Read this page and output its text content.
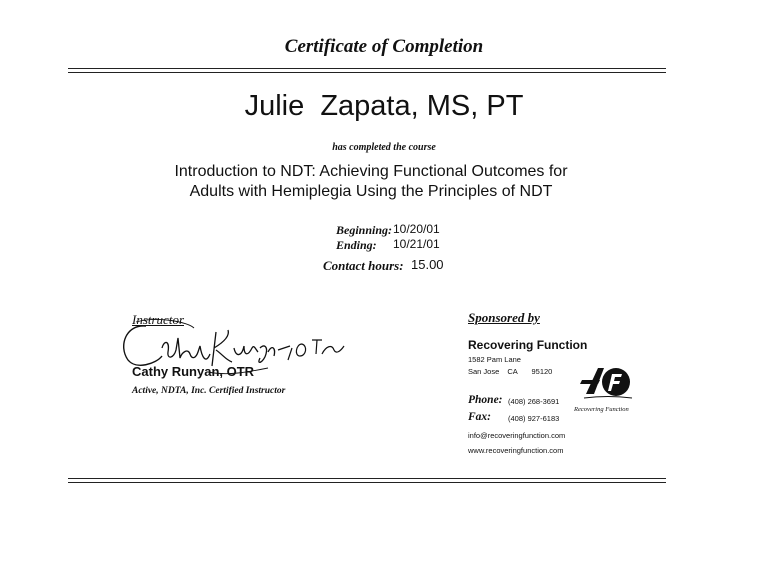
Certificate of Completion
Julie  Zapata, MS, PT
has completed the course
Introduction to NDT: Achieving Functional Outcomes for
Adults with Hemiplegia Using the Principles of NDT
Beginning: 10/20/01
Ending: 10/21/01
Contact hours: 15.00
Instructor
Cathy Runyan, OTR
Active, NDTA, Inc. Certified Instructor
Sponsored by
Recovering Function
1582 Pam Lane
San Jose CA 95120
Phone: (408) 268-3691
Fax: (408) 927-6183
info@recoveringfunction.com
www.recoveringfunction.com
Recovering Function
